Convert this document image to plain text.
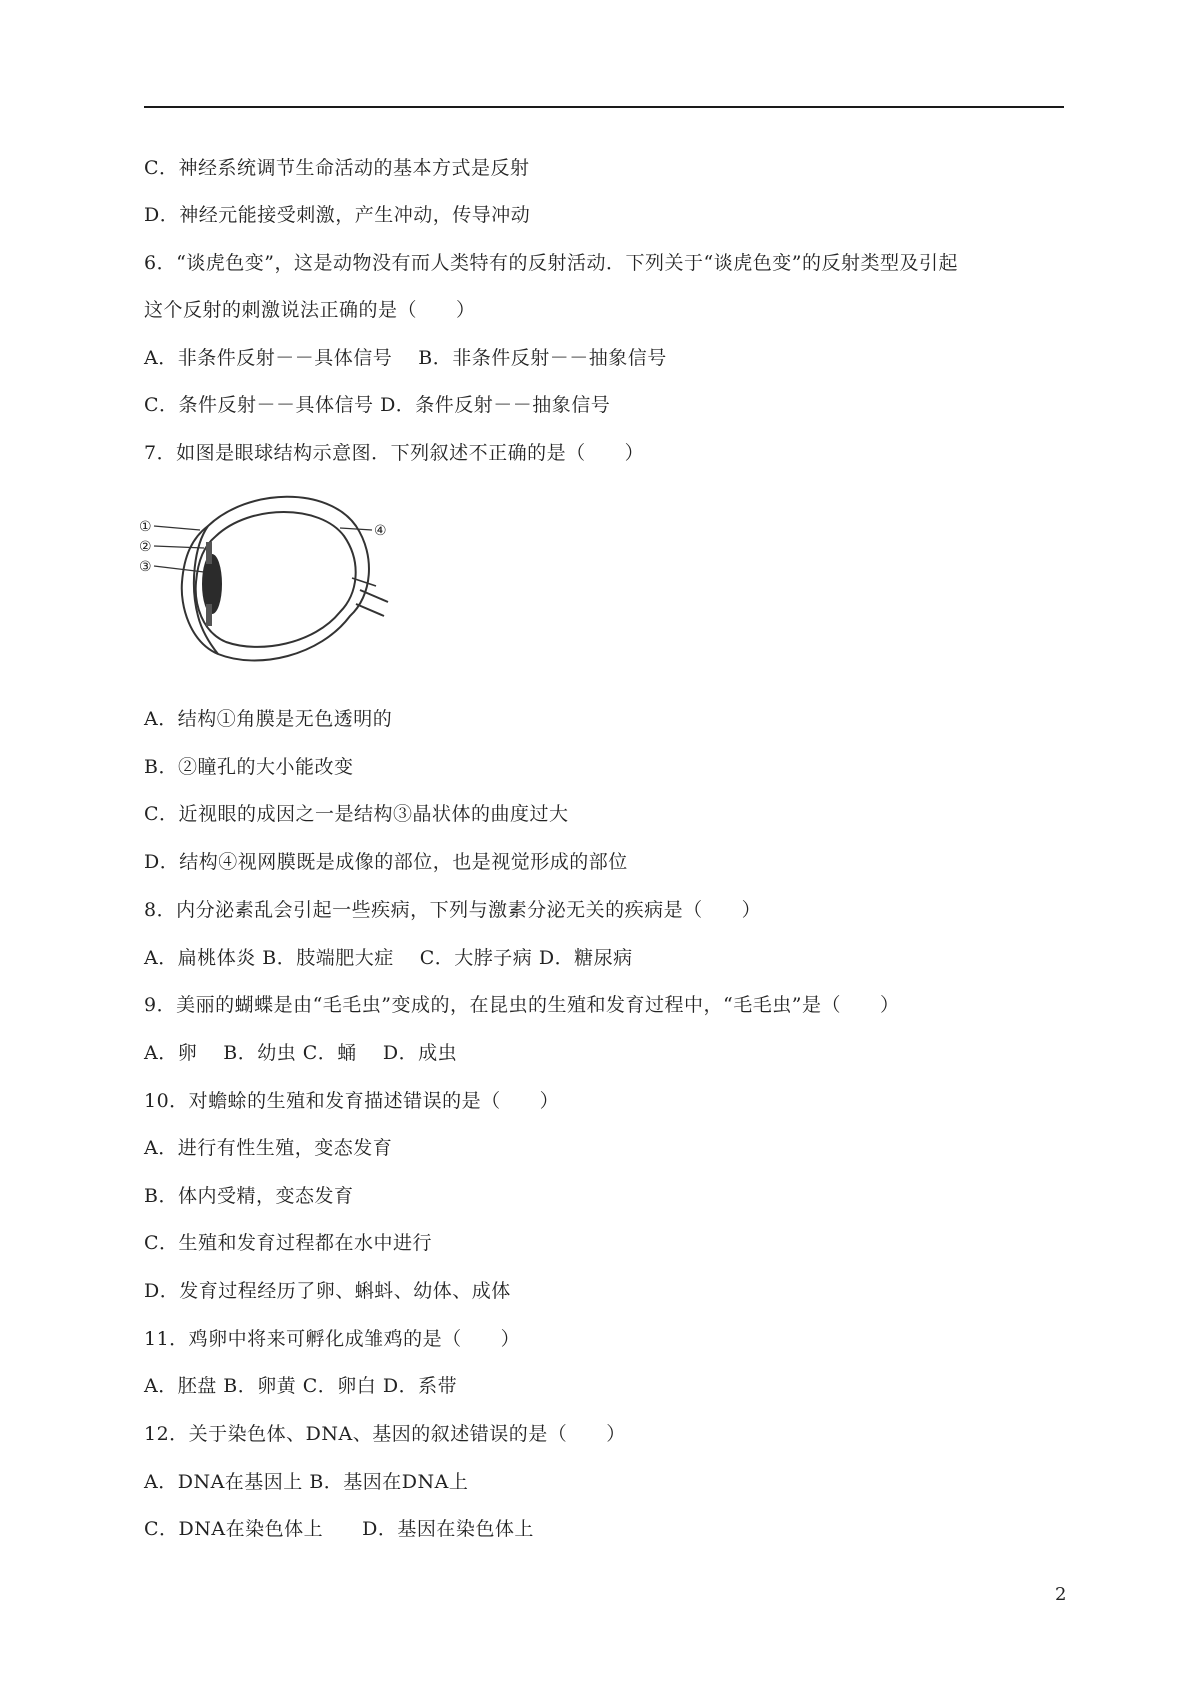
C．神经系统调节生命活动的基本方式是反射
D．神经元能接受刺激，产生冲动，传导冲动
6．“谈虎色变”，这是动物没有而人类特有的反射活动．下列关于“谈虎色变”的反射类型及引起
这个反射的刺激说法正确的是（　　）
A．非条件反射－－具体信号　 B．非条件反射－－抽象信号
C．条件反射－－具体信号 D．条件反射－－抽象信号
7．如图是眼球结构示意图．下列叙述不正确的是（　　）
①
②
③
④
A．结构①角膜是无色透明的
B．②瞳孔的大小能改变
C．近视眼的成因之一是结构③晶状体的曲度过大
D．结构④视网膜既是成像的部位，也是视觉形成的部位
8．内分泌素乱会引起一些疾病，下列与激素分泌无关的疾病是（　　）
A．扁桃体炎 B．肢端肥大症　 C．大脖子病 D．糖尿病
9．美丽的蝴蝶是由“毛毛虫”变成的，在昆虫的生殖和发育过程中，“毛毛虫”是（　　）
A．卵　 B．幼虫 C．蛹　 D．成虫
10．对蟾蜍的生殖和发育描述错误的是（　　）
A．进行有性生殖，变态发育
B．体内受精，变态发育
C．生殖和发育过程都在水中进行
D．发育过程经历了卵、蝌蚪、幼体、成体
11．鸡卵中将来可孵化成雏鸡的是（　　）
A．胚盘 B．卵黄 C．卵白 D．系带
12．关于染色体、DNA、基因的叙述错误的是（　　）
A．DNA在基因上 B．基因在DNA上
C．DNA在染色体上　　D．基因在染色体上
2
